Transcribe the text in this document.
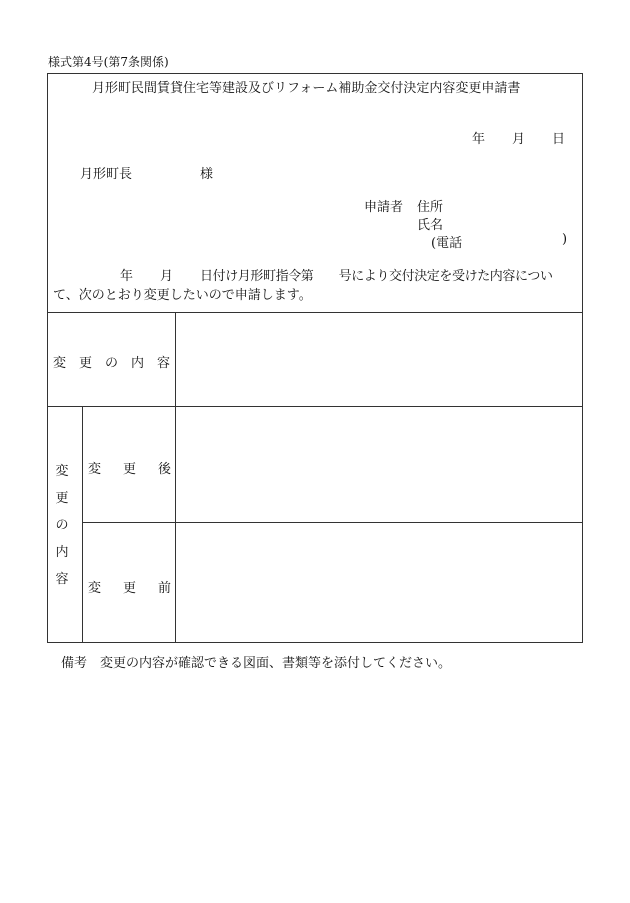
様式第4号(第7条関係)
月形町民間賃貸住宅等建設及びリフォーム補助金交付決定内容変更申請書
年 月 日
月形町長	様
申請者 住所
氏名
(電話	)
年 月 日付け月形町指令第　　号により交付決定を受けた内容につい
て、次のとおり変更したいので申請します。
変 更 の 内 容
変
更
の
内
容
変 更 後
変 更 前
備考 変更の内容が確認できる図面、書類等を添付してください。
